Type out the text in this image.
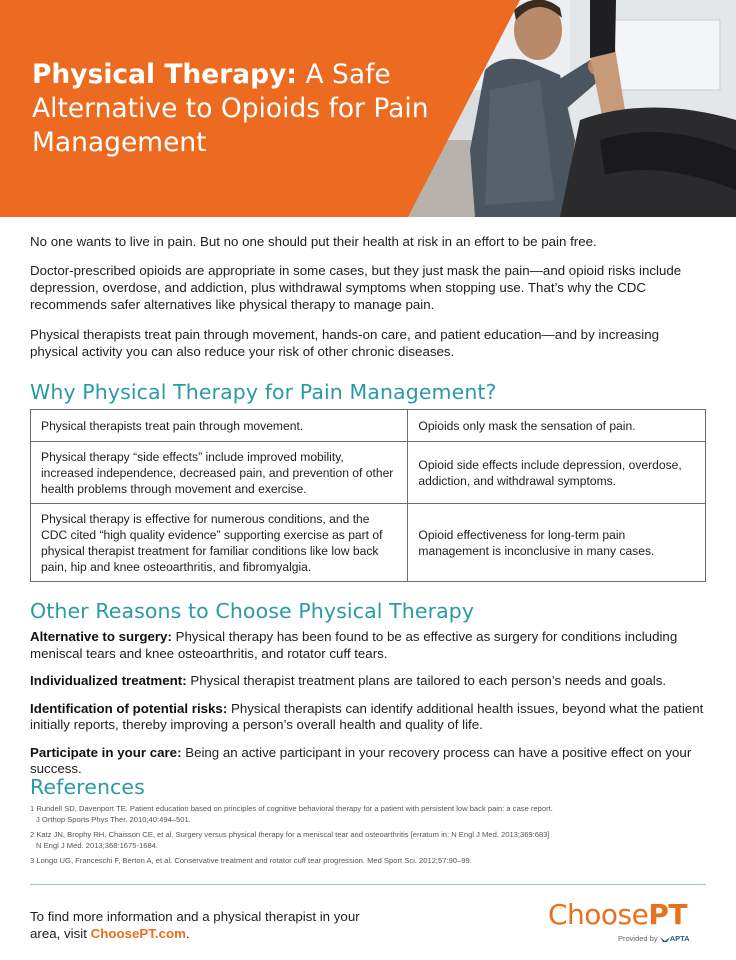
Physical Therapy: A Safe Alternative to Opioids for Pain Management

No one wants to live in pain. But no one should put their health at risk in an effort to be pain free.

Doctor-prescribed opioids are appropriate in some cases, but they just mask the pain—and opioid risks include depression, overdose, and addiction, plus withdrawal symptoms when stopping use. That’s why the CDC recommends safer alternatives like physical therapy to manage pain.

Physical therapists treat pain through movement, hands-on care, and patient education—and by increasing physical activity you can also reduce your risk of other chronic diseases.

Why Physical Therapy for Pain Management?
Physical therapists treat pain through movement.	Opioids only mask the sensation of pain.
Physical therapy “side effects” include improved mobility, increased independence, decreased pain, and prevention of other health problems through movement and exercise.	Opioid side effects include depression, overdose, addiction, and withdrawal symptoms.
Physical therapy is effective for numerous conditions, and the CDC cited “high quality evidence” supporting exercise as part of physical therapist treatment for familiar conditions like low back pain, hip and knee osteoarthritis, and fibromyalgia.	Opioid effectiveness for long-term pain management is inconclusive in many cases.
Other Reasons to Choose Physical Therapy

Alternative to surgery: Physical therapy has been found to be as effective as surgery for conditions including meniscal tears and knee osteoarthritis, and rotator cuff tears.

Individualized treatment: Physical therapist treatment plans are tailored to each person’s needs and goals.

Identification of potential risks: Physical therapists can identify additional health issues, beyond what the patient initially reports, thereby improving a person’s overall health and quality of life.

Participate in your care: Being an active participant in your recovery process can have a positive effect on your success.

References
1 Rundell SD, Davenport TE. Patient education based on principles of cognitive behavioral therapy for a patient with persistent low back pain: a case report.
J Orthop Sports Phys Ther. 2010;40:494–501.
2 Katz JN, Brophy RH, Chaisson CE, et al. Surgery versus physical therapy for a meniscal tear and osteoarthritis [erratum in: N Engl J Med. 2013;369:683]
N Engl J Med. 2013;368:1675-1684.
3 Longo UG, Franceschi F, Berton A, et al. Conservative treatment and rotator cuff tear progression. Med Sport Sci. 2012;57:90–99.
To find more information and a physical therapist in your area, visit ChoosePT.com.
ChoosePT
Provided by APTA
